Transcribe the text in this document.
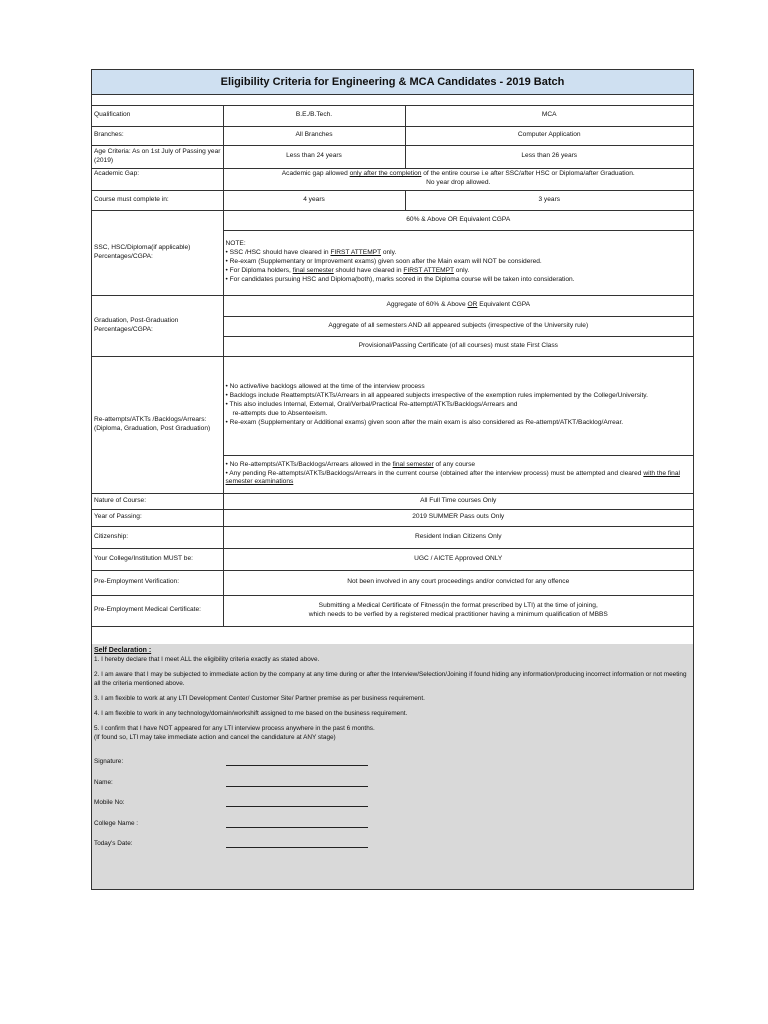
Eligibility Criteria for Engineering & MCA Candidates - 2019 Batch
Qualification	B.E./B.Tech.	MCA
Branches:	All Branches	Computer Application
Age Criteria: As on 1st July of Passing year (2019)	Less than 24 years	Less than 26 years
Academic Gap:	Academic gap allowed only after the completion of the entire course i.e after SSC/after HSC or Diploma/after Graduation.
No year drop allowed.	

Course must complete in:	4 years	3 years
SSC, HSC/Diploma(if applicable) Percentages/CGPA:	60% & Above OR Equivalent CGPA	

	NOTE:
• SSC /HSC should have cleared in FIRST ATTEMPT only.
• Re-exam (Supplementary or Improvement exams) given soon after the Main exam will NOT be considered.
• For Diploma holders, final semester should have cleared in FIRST ATTEMPT only.
• For candidates pursuing HSC and Diploma(both), marks scored in the Diploma course will be taken into consideration.	

Graduation, Post-Graduation Percentages/CGPA:	Aggregate of 60% & Above OR Equivalent CGPA	
	Aggregate of all semesters AND all appeared subjects (irrespective of the University rule)	
	Provisional/Passing Certificate (of all courses) must state First Class	
Re-attempts/ATKTs /Backlogs/Arrears: (Diploma, Graduation, Post Graduation)	• No active/live backlogs allowed at the time of the interview process
• Backlogs include Reattempts/ATKTs/Arrears in all appeared subjects irrespective of the exemption rules implemented by the College/University.
• This also includes Internal, External, Oral/Verbal/Practical Re-attempt/ATKTs/Backlogs/Arrears and
re-attempts due to Absenteeism.
• Re-exam (Supplementary or Additional exams) given soon after the main exam is also considered as Re-attempt/ATKT/Backlog/Arrear.	

	• No Re-attempts/ATKTs/Backlogs/Arrears allowed in the final semester of any course
• Any pending Re-attempts/ATKTs/Backlogs/Arrears in the current course (obtained after the interview process) must be attempted and cleared with the final semester examinations	

Nature of Course:	All Full Time courses Only	
Year of Passing:	2019 SUMMER Pass outs Only	
Citizenship:	Resident Indian Citizens Only	
Your College/Institution MUST be:	UGC / AICTE Approved ONLY	
Pre-Employment Verification:	Not been involved in any court proceedings and/or convicted for any offence	
Pre-Employment Medical Certificate:	Submitting a Medical Certificate of Fitness(in the format prescribed by LTI) at the time of joining,
which needs to be verfied by a registered medical practitioner having a minimum qualification of MBBS	
Self Declaration :

1. I hereby declare that I meet ALL the eligibility criteria exactly as stated above.

2. I am aware that I may be subjected to immediate action by the company at any time during or after the Interview/Selection/Joining if found hiding any information/producing incorrect information or not meeting all the criteria mentioned above.

3. I am flexible to work at any LTI Development Center/ Customer Site/ Partner premise as per business requirement.

4. I am flexible to work in any technology/domain/workshift assigned to me based on the business requirement.

5. I confirm that I have NOT appeared for any LTI interview process anywhere in the past 6 months.
(If found so, LTI may take immediate action and cancel the candidature at ANY stage)

Signature:
Name:
Mobile No:
College Name :
Today's Date:
